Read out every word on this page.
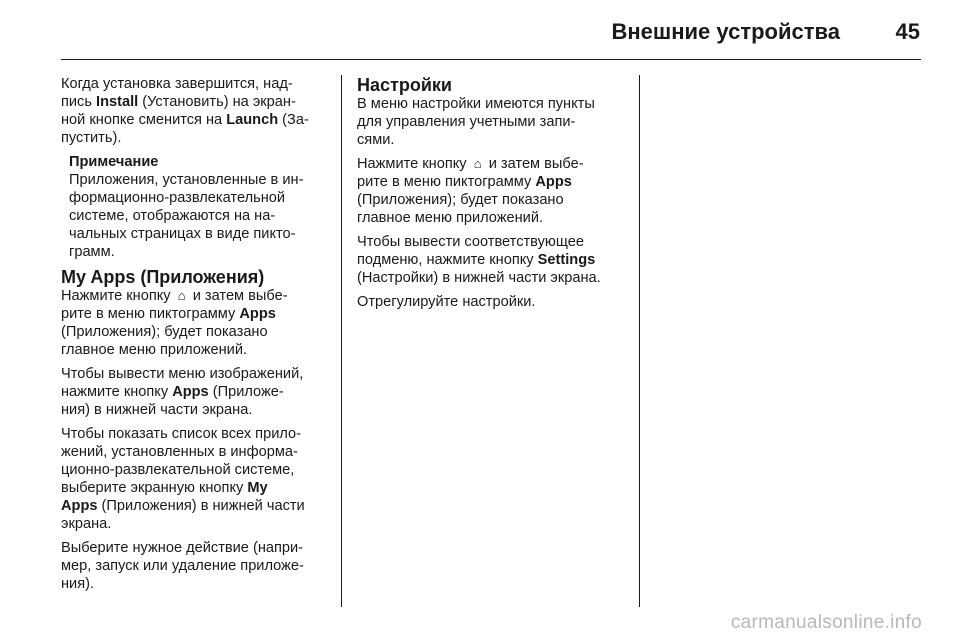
Внешние устройства	45

Когда установка завершится, над-
пись Install (Установить) на экран-
ной кнопке сменится на Launch (За-
пустить).

Примечание
Приложения, установленные в ин-
формационно-развлекательной
системе, отображаются на на-
чальных страницах в виде пикто-
грамм.
My Apps (Приложения)

Нажмите кнопку ⌂ и затем выбе-
рите в меню пиктограмму Apps
(Приложения); будет показано
главное меню приложений.

Чтобы вывести меню изображений,
нажмите кнопку Apps (Приложе-
ния) в нижней части экрана.

Чтобы показать список всех прило-
жений, установленных в информа-
ционно-развлекательной системе,
выберите экранную кнопку My
Apps (Приложения) в нижней части
экрана.

Выберите нужное действие (напри-
мер, запуск или удаление приложе-
ния).

Настройки

В меню настройки имеются пункты
для управления учетными запи-
сями.

Нажмите кнопку ⌂ и затем выбе-
рите в меню пиктограмму Apps
(Приложения); будет показано
главное меню приложений.

Чтобы вывести соответствующее
подменю, нажмите кнопку Settings
(Настройки) в нижней части экрана.

Отрегулируйте настройки.

carmanualsonline.info
